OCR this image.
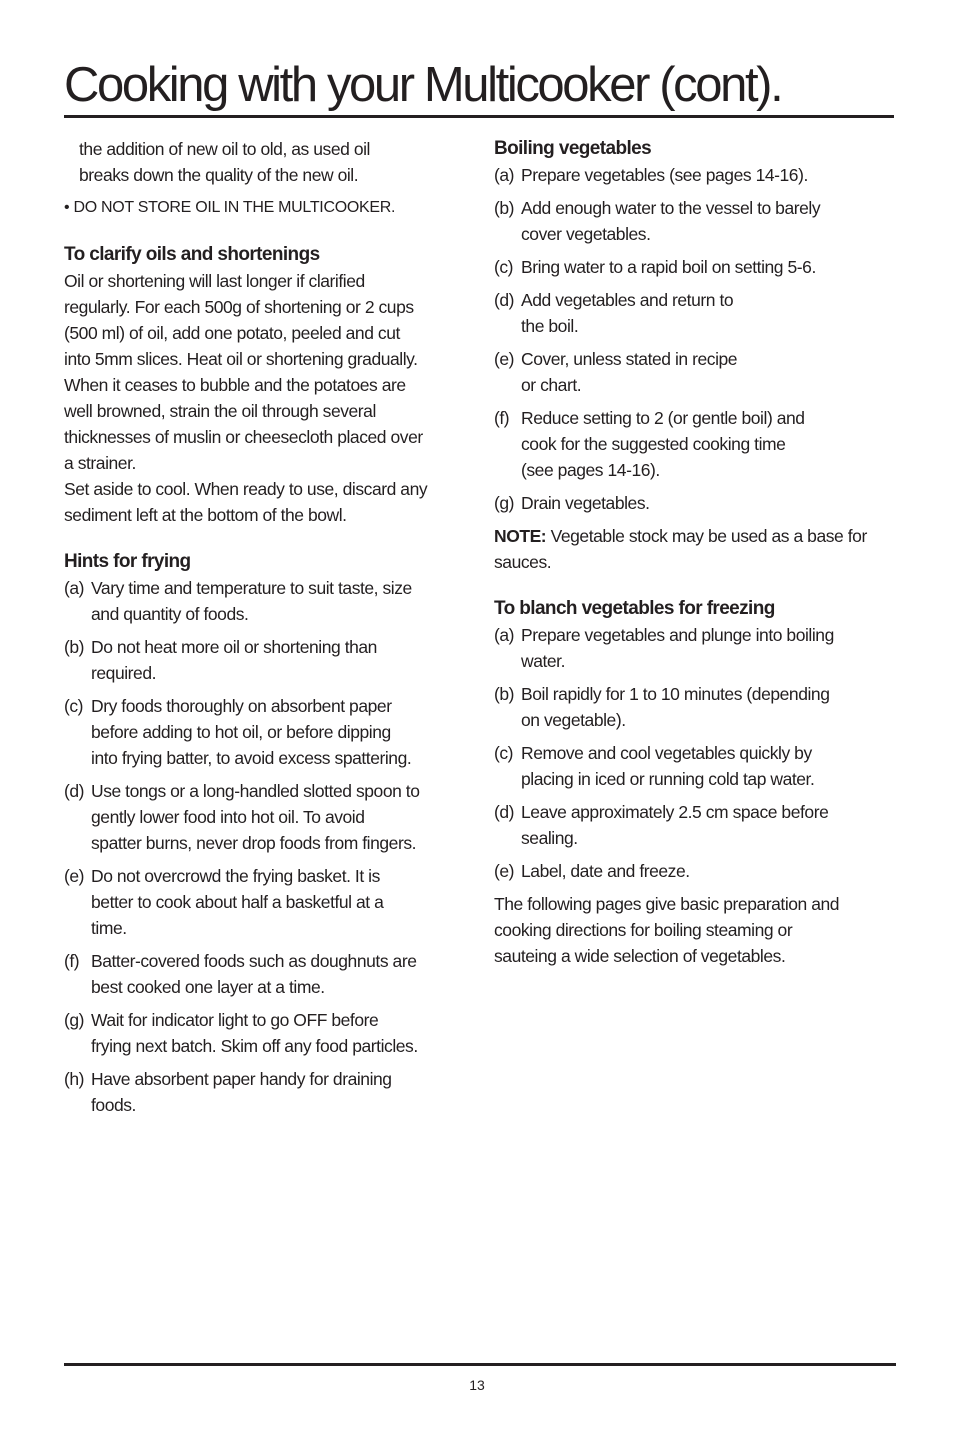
Cooking with your Multicooker (cont).
the addition of new oil to old, as used oil
breaks down the quality of the new oil.

• DO NOT STORE OIL IN THE MULTICOOKER.

To clarify oils and shortenings

Oil or shortening will last longer if clarified
regularly. For each 500g of shortening or 2 cups
(500 ml) of oil, add one potato, peeled and cut
into 5mm slices. Heat oil or shortening gradually.
When it ceases to bubble and the potatoes are
well browned, strain the oil through several
thicknesses of muslin or cheesecloth placed over
a strainer.

Set aside to cool. When ready to use, discard any
sediment left at the bottom of the bowl.

Hints for frying
(a) Vary time and temperature to suit taste, size
and quantity of foods.
(b) Do not heat more oil or shortening than
required.
(c) Dry foods thoroughly on absorbent paper
before adding to hot oil, or before dipping
into frying batter, to avoid excess spattering.
(d) Use tongs or a long-handled slotted spoon to
gently lower food into hot oil. To avoid
spatter burns, never drop foods from fingers.
(e) Do not overcrowd the frying basket. It is
better to cook about half a basketful at a
time.
(f) Batter-covered foods such as doughnuts are
best cooked one layer at a time.
(g) Wait for indicator light to go OFF before
frying next batch. Skim off any food particles.
(h) Have absorbent paper handy for draining
foods.
Boiling vegetables
(a) Prepare vegetables (see pages 14-16).
(b) Add enough water to the vessel to barely
cover vegetables.
(c) Bring water to a rapid boil on setting 5-6.
(d) Add vegetables and return to
the boil.
(e) Cover, unless stated in recipe
or chart.
(f) Reduce setting to 2 (or gentle boil) and
cook for the suggested cooking time
(see pages 14-16).
(g) Drain vegetables.

NOTE: Vegetable stock may be used as a base for
sauces.

To blanch vegetables for freezing
(a) Prepare vegetables and plunge into boiling
water.
(b) Boil rapidly for 1 to 10 minutes (depending
on vegetable).
(c) Remove and cool vegetables quickly by
placing in iced or running cold tap water.
(d) Leave approximately 2.5 cm space before
sealing.
(e) Label, date and freeze.

The following pages give basic preparation and
cooking directions for boiling steaming or
sauteing a wide selection of vegetables.

13
